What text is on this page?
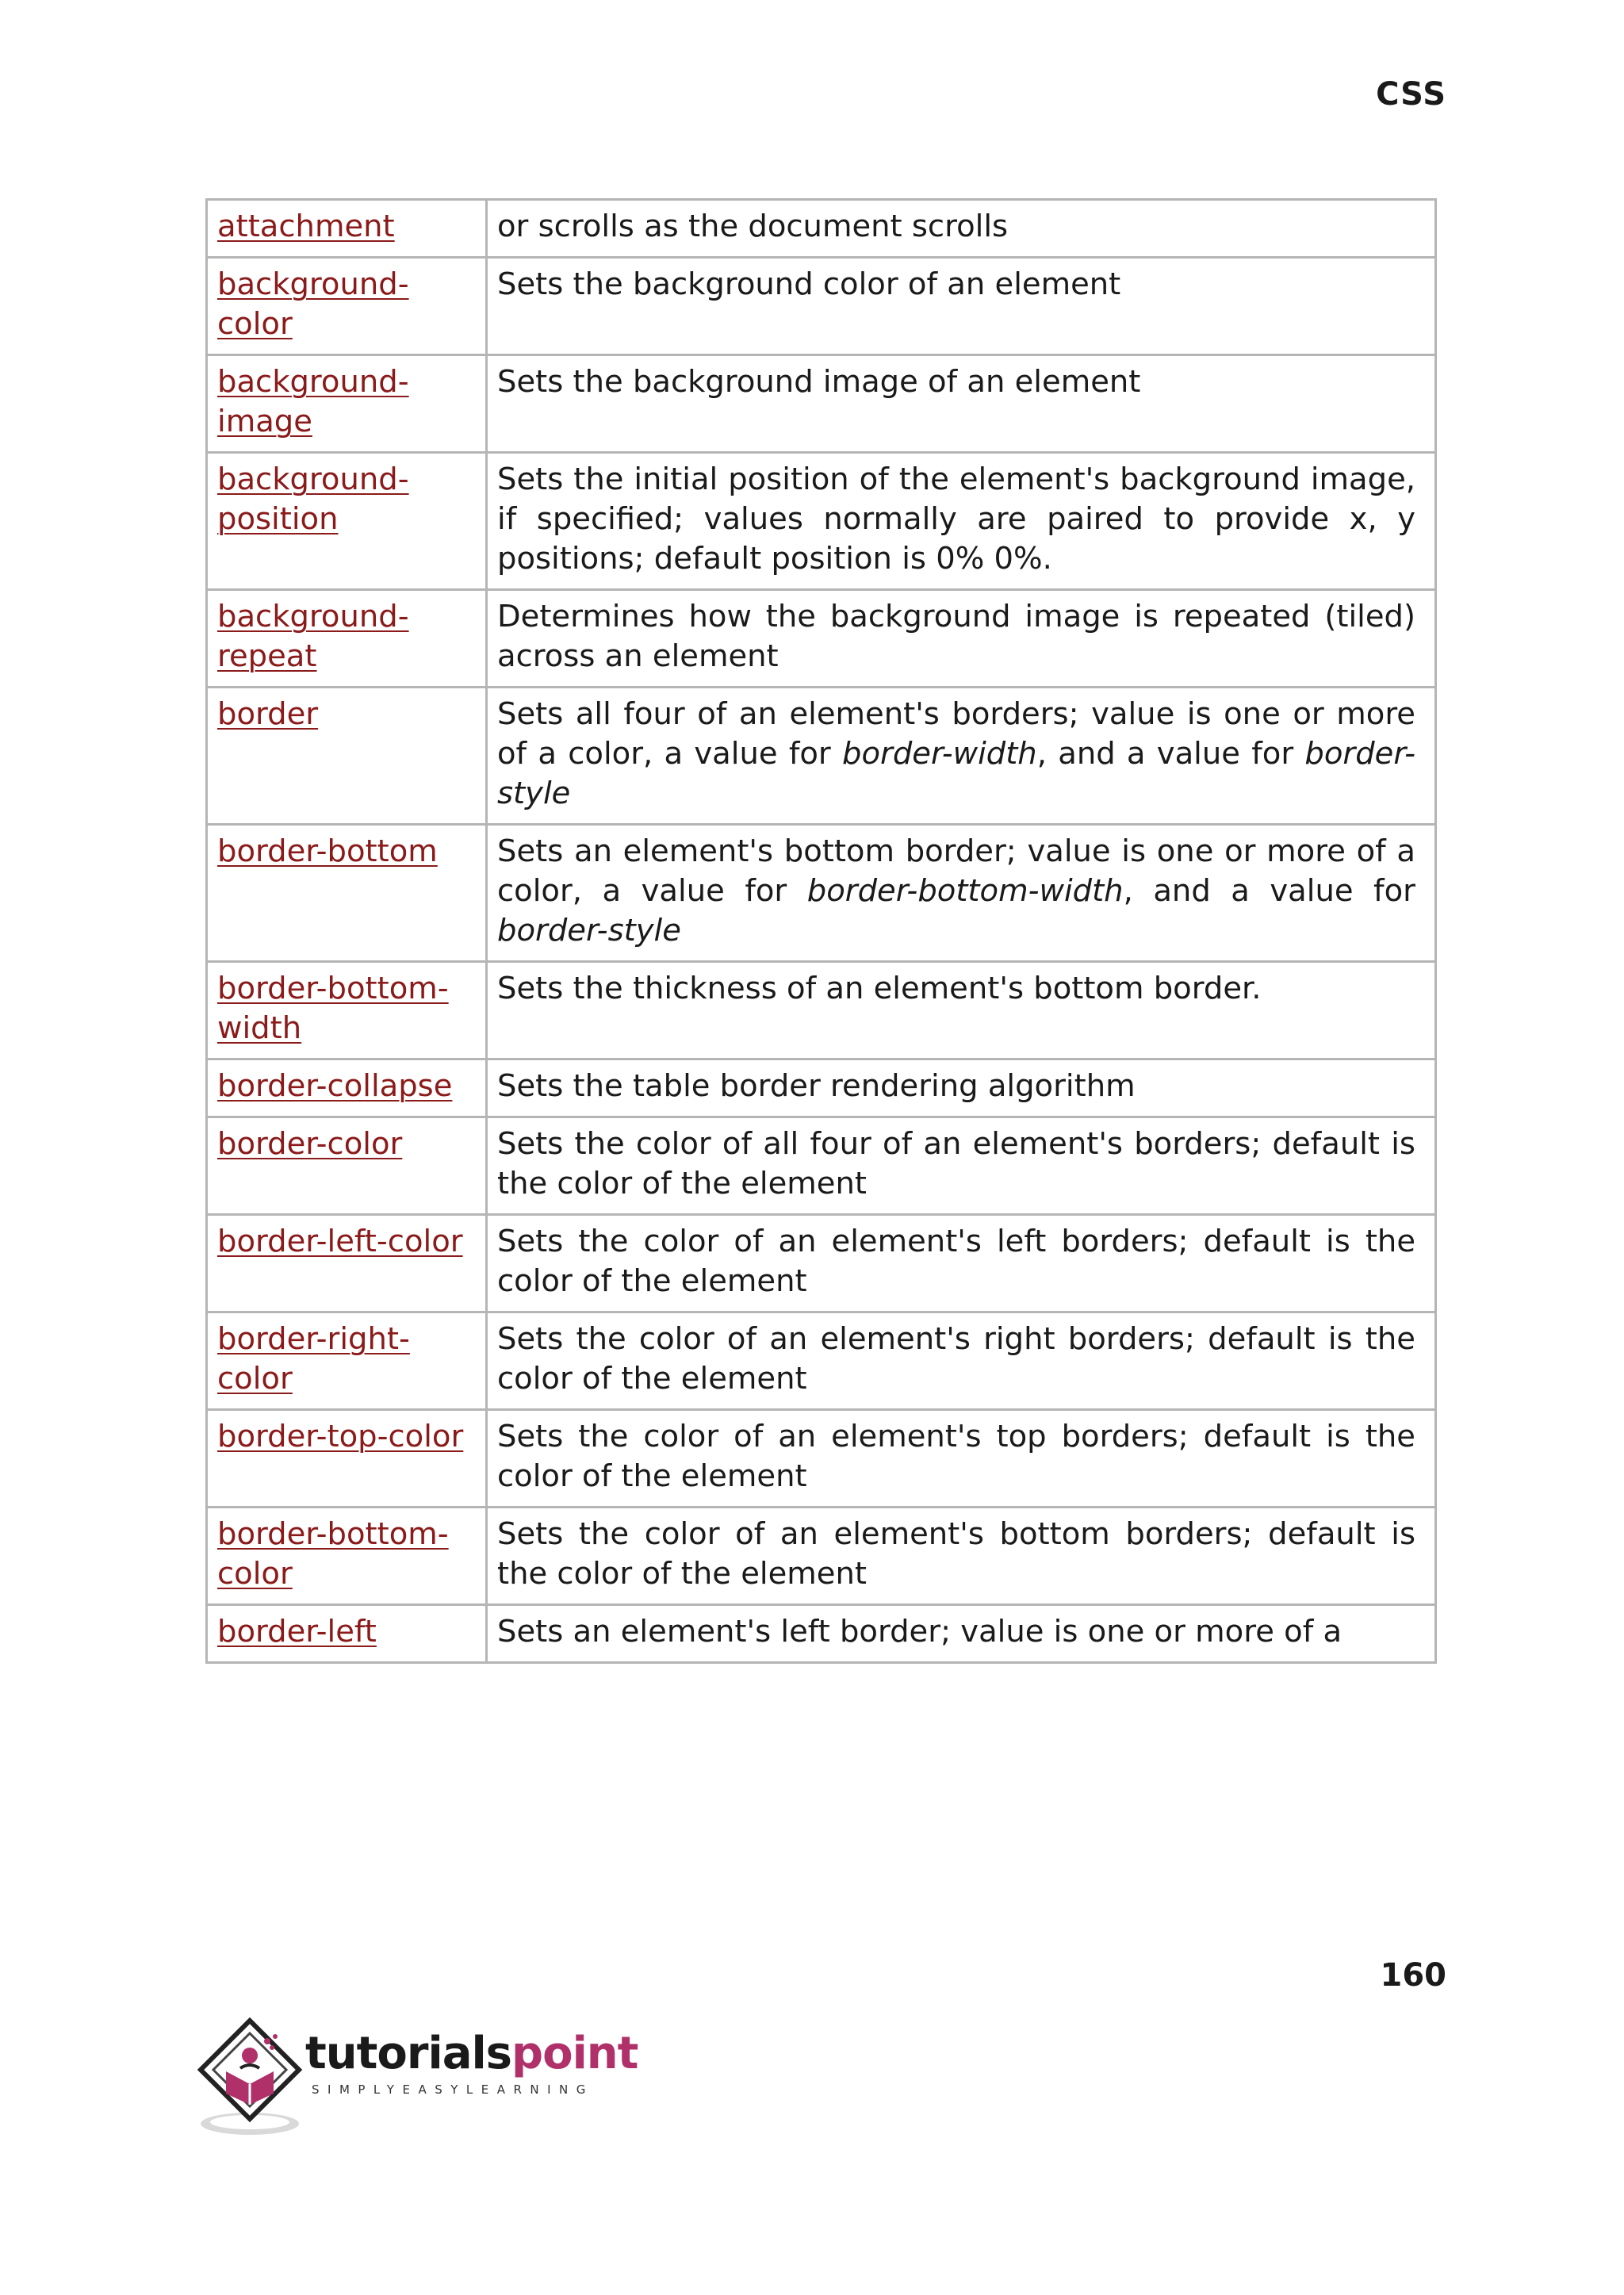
CSS
attachment	or scrolls as the document scrolls
background-color	Sets the background color of an element
background-image	Sets the background image of an element
background-position	Sets the initial position of the element's background image, if specified; values normally are paired to provide x, y positions; default position is 0% 0%.
background-repeat	Determines how the background image is repeated (tiled) across an element
border	Sets all four of an element's borders; value is one or more of a color, a value for border-width, and a value for border-style
border-bottom	Sets an element's bottom border; value is one or more of a color, a value for border-bottom-width, and a value for border-style
border-bottom-width	Sets the thickness of an element's bottom border.
border-collapse	Sets the table border rendering algorithm
border-color	Sets the color of all four of an element's borders; default is the color of the element
border-left-color	Sets the color of an element's left borders; default is the color of the element
border-right-color	Sets the color of an element's right borders; default is the color of the element
border-top-color	Sets the color of an element's top borders; default is the color of the element
border-bottom-color	Sets the color of an element's bottom borders; default is the color of the element
border-left	Sets an element's left border; value is one or more of a
160
tutorialspoint
SIMPLYEASYLEARNING
